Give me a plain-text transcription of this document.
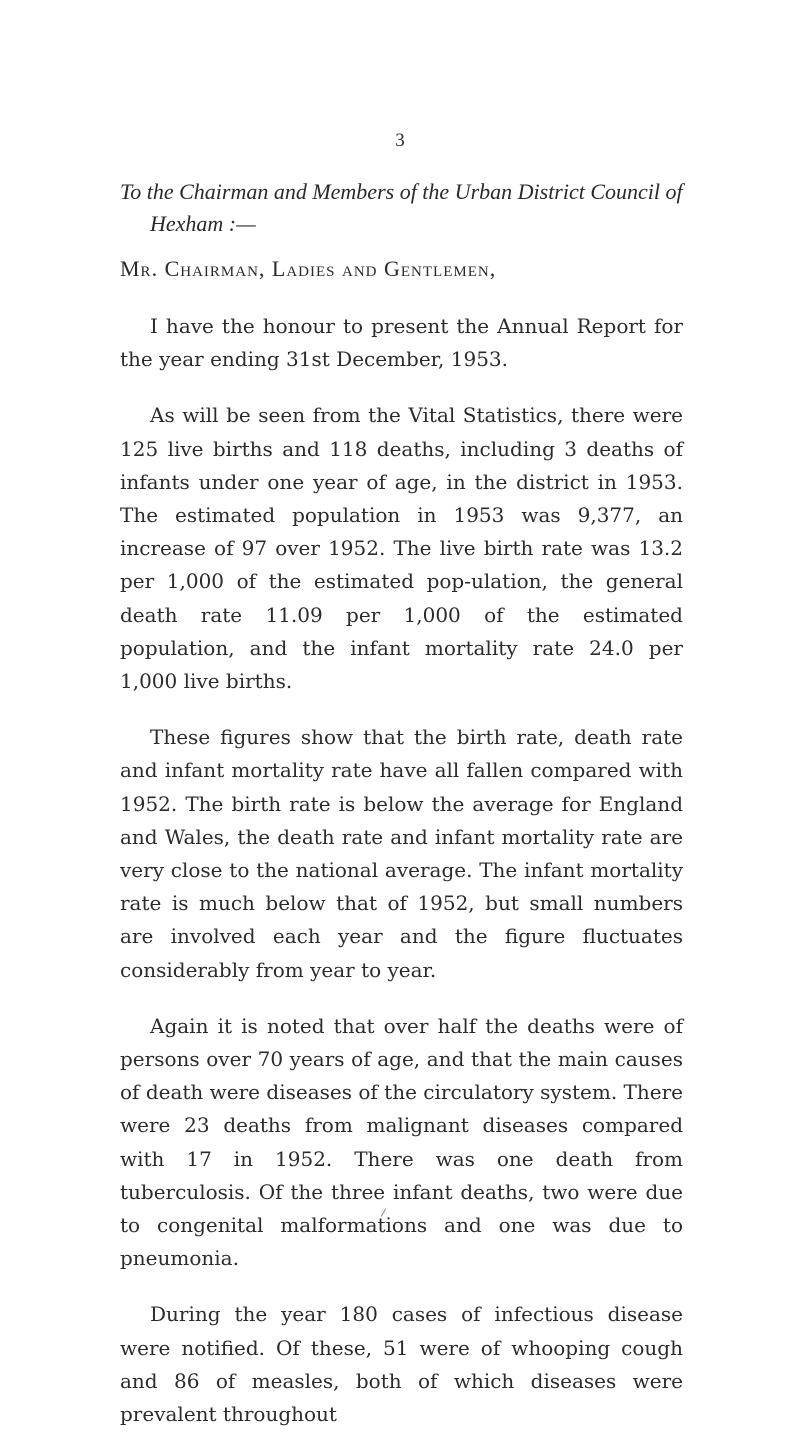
3
To the Chairman and Members of the Urban District Council of
Hexham :—
Mr. Chairman, Ladies and Gentlemen,

I have the honour to present the Annual Report for the year ending 31st December, 1953.

As will be seen from the Vital Statistics, there were 125 live births and 118 deaths, including 3 deaths of infants under one year of age, in the district in 1953. The estimated population in 1953 was 9,377, an increase of 97 over 1952. The live birth rate was 13.2 per 1,000 of the estimated pop-ulation, the general death rate 11.09 per 1,000 of the estimated population, and the infant mortality rate 24.0 per 1,000 live births.

These figures show that the birth rate, death rate and infant mortality rate have all fallen compared with 1952. The birth rate is below the average for England and Wales, the death rate and infant mortality rate are very close to the national average. The infant mortality rate is much below that of 1952, but small numbers are involved each year and the figure fluctuates considerably from year to year.

Again it is noted that over half the deaths were of persons over 70 years of age, and that the main causes of death were diseases of the circulatory system. There were 23 deaths from malignant diseases compared with 17 in 1952. There was one death from tuberculosis. Of the three infant deaths, two were due to congenital malformations and one was due to pneumonia.

During the year 180 cases of infectious disease were notified. Of these, 51 were of whooping cough and 86 of measles, both of which diseases were prevalent throughout
